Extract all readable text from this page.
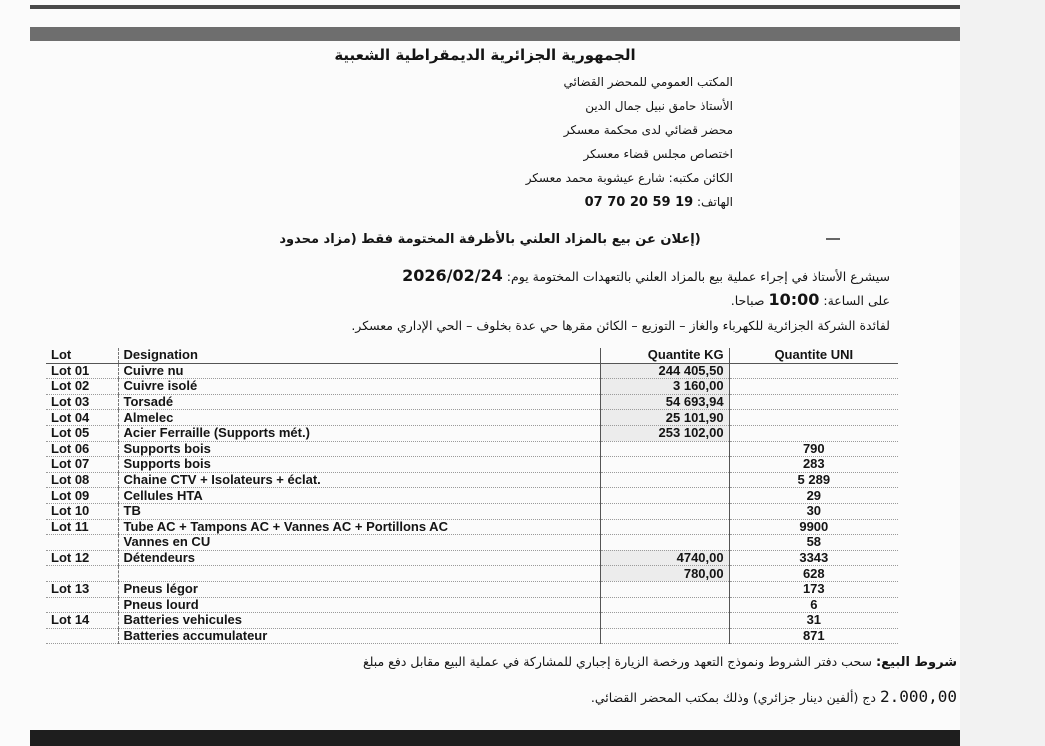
الجمهورية الجزائرية الديمقراطية الشعبية
المكتب العمومي للمحضر القضائي
الأستاذ حامق نبيل جمال الدين
محضر قضائي لدى محكمة معسكر
اختصاص مجلس قضاء معسكر
الكائن مكتبه: شارع عيشوبة محمد معسكر
الهاتف: 07 70 20 59 19
(إعلان عن بيع بالمزاد العلني بالأظرفة المختومة فقط (مزاد محدود
سيشرع الأستاذ في إجراء عملية بيع بالمزاد العلني بالتعهدات المختومة يوم: 2026/02/24
على الساعة: 10:00 صباحا.
لفائدة الشركة الجزائرية للكهرباء والغاز – التوزيع – الكائن مقرها حي عدة بخلوف – الحي الإداري معسكر.
Lot	Designation	Quantite KG	Quantite UNI
Lot 01	Cuivre nu	244 405,50	
Lot 02	Cuivre isolé	3 160,00	
Lot 03	Torsadé	54 693,94	
Lot 04	Almelec	25 101,90	
Lot 05	Acier Ferraille (Supports mét.)	253 102,00	
Lot 06	Supports bois		790
Lot 07	Supports bois		283
Lot 08	Chaine CTV + Isolateurs + éclat.		5 289
Lot 09	Cellules HTA		29
Lot 10	TB		30
Lot 11	Tube AC + Tampons AC + Vannes AC + Portillons AC		9900
	Vannes en CU		58
Lot 12	Détendeurs	4740,00	3343
		780,00	628
Lot 13	Pneus légor		173
	Pneus lourd		6
Lot 14	Batteries vehicules		31
	Batteries accumulateur		871
شروط البيع: سحب دفتر الشروط ونموذج التعهد ورخصة الزيارة إجباري للمشاركة في عملية البيع مقابل دفع مبلغ
2.000,00 دج (ألفين دينار جزائري) وذلك بمكتب المحضر القضائي.
